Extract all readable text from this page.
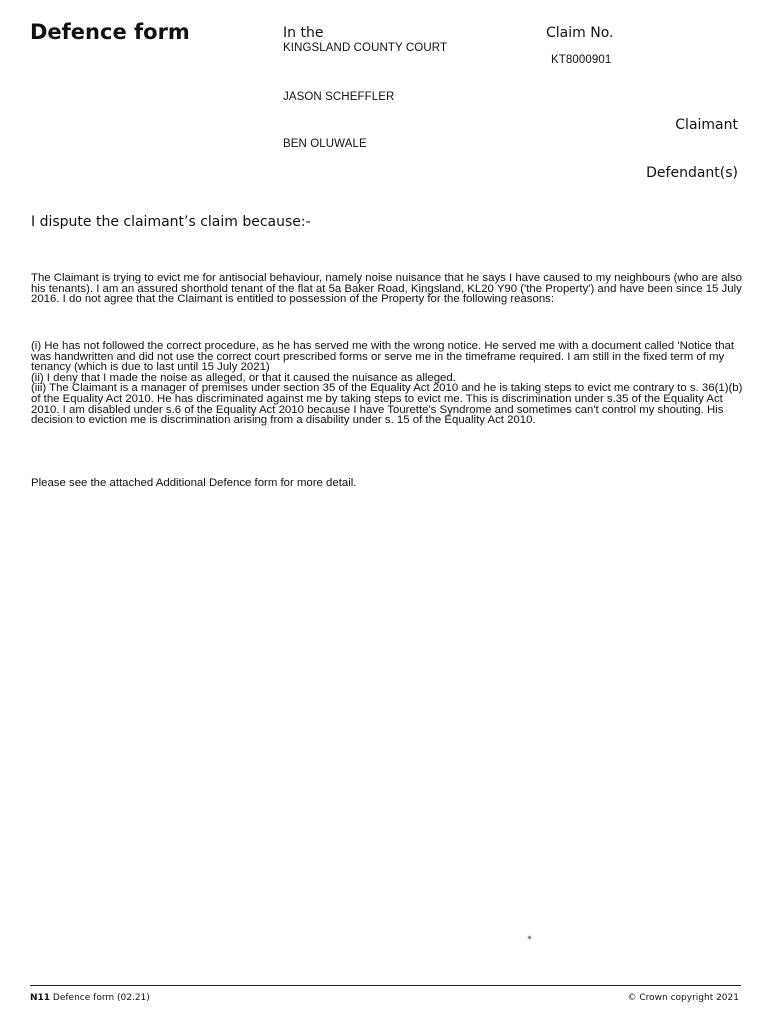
Defence form	In the
KINGSLAND COUNTY COURT
Claim No.
KT8000901
JASON SCHEFFLER
Claimant
BEN OLUWALE
Defendant(s)
I dispute the claimant’s claim because:-

The Claimant is trying to evict me for antisocial behaviour, namely noise nuisance that he says I have caused to my neighbours (who are also his tenants). I am an assured shorthold tenant of the flat at 5a Baker Road, Kingsland, KL20 Y90 ('the Property') and have been since 15 July 2016. I do not agree that the Claimant is entitled to possession of the Property for the following reasons:

(i) He has not followed the correct procedure, as he has served me with the wrong notice. He served me with a document called 'Notice that was handwritten and did not use the correct court prescribed forms or serve me in the timeframe required. I am still in the fixed term of my tenancy (which is due to last until 15 July 2021)

(ii) I deny that I made the noise as alleged, or that it caused the nuisance as alleged.

(iii) The Claimant is a manager of premises under section 35 of the Equality Act 2010 and he is taking steps to evict me contrary to s. 36(1)(b) of the Equality Act 2010. He has discriminated against me by taking steps to evict me. This is discrimination under s.35 of the Equality Act 2010. I am disabled under s.6 of the Equality Act 2010 because I have Tourette's Syndrome and sometimes can't control my shouting. His decision to eviction me is discrimination arising from a disability under s. 15 of the Equality Act 2010.

Please see the attached Additional Defence form for more detail.

N11 Defence form (02.21)	© Crown copyright 2021
